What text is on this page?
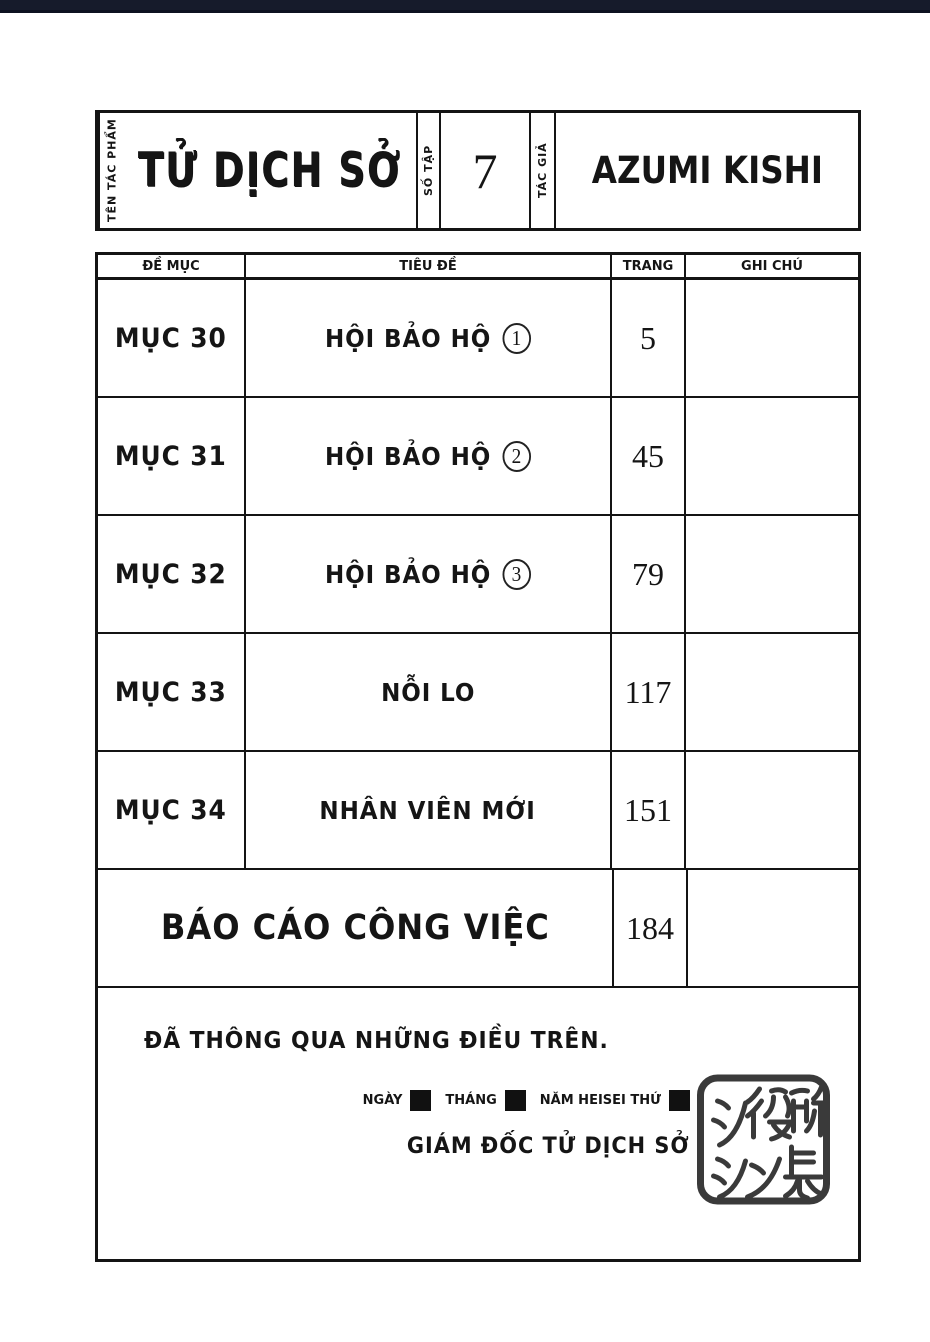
TÊN TÁC PHẨM TỬ DỊCH SỞ	SỐ TẬP 7	TÁC GIẢ AZUMI KISHI
ĐỀ MỤC	TIÊU ĐỀ	TRANG	GHI CHÚ
MỤC 30	HỘI BẢO HỘ 1	5
MỤC 31	HỘI BẢO HỘ 2	45
MỤC 32	HỘI BẢO HỘ 3	79
MỤC 33	NỖI LO	117
MỤC 34	NHÂN VIÊN MỚI	151
BÁO CÁO CÔNG VIỆC 184
ĐÃ THÔNG QUA NHỮNG ĐIỀU TRÊN.
NGÀY	THÁNG	NĂM HEISEI THỨ
GIÁM ĐỐC TỬ DỊCH SỞ
